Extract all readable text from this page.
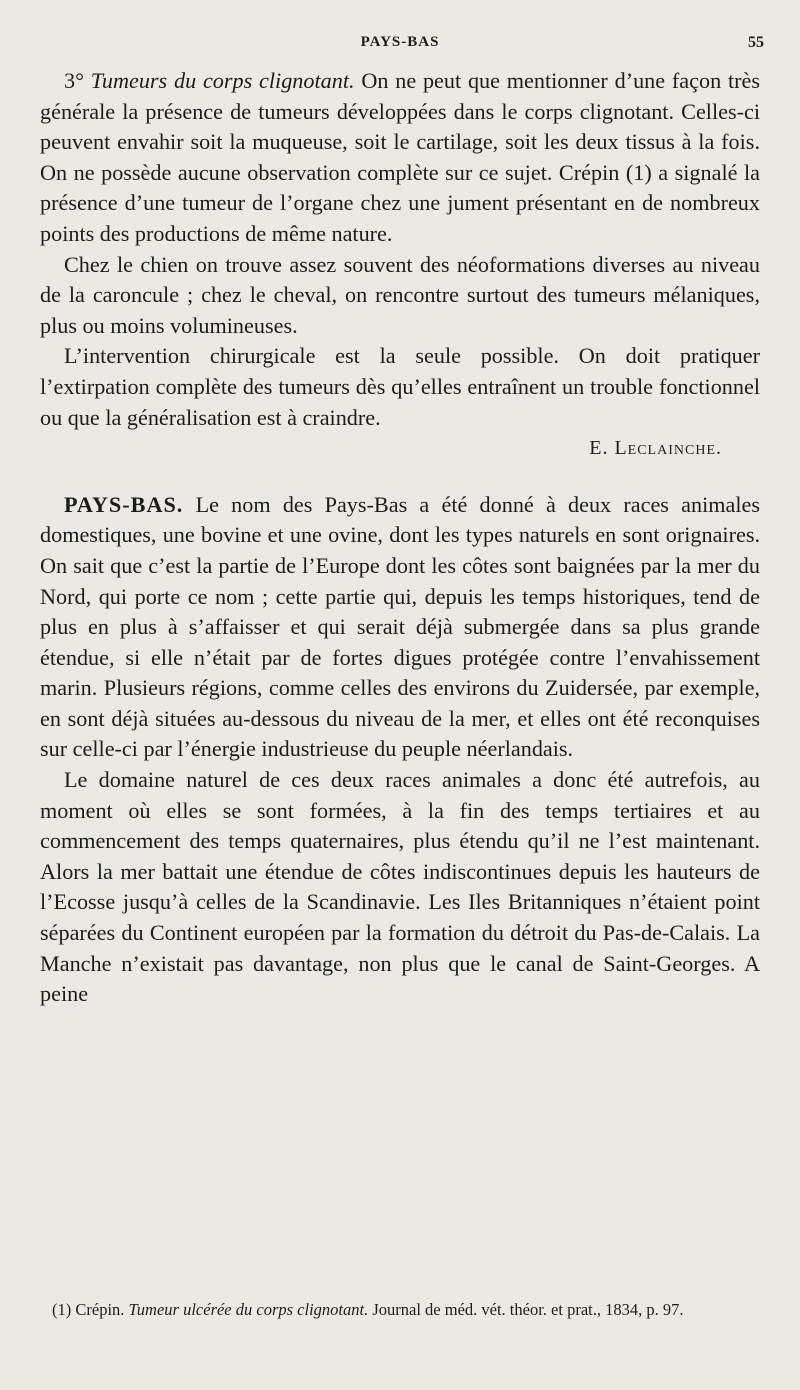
PAYS-BAS	55

3° Tumeurs du corps clignotant. On ne peut que mentionner d’une façon très générale la présence de tumeurs développées dans le corps clignotant. Celles-ci peuvent envahir soit la muqueuse, soit le cartilage, soit les deux tissus à la fois. On ne possède aucune observation complète sur ce sujet. Crépin (1) a signalé la présence d’une tumeur de l’organe chez une jument présentant en de nombreux points des productions de même nature.

Chez le chien on trouve assez souvent des néoformations diverses au niveau de la caroncule ; chez le cheval, on rencontre surtout des tumeurs mélaniques, plus ou moins volumineuses.

L’intervention chirurgicale est la seule possible. On doit pratiquer l’extirpation complète des tumeurs dès qu’elles entraînent un trouble fonctionnel ou que la généralisation est à craindre.

E. Leclainche.

PAYS-BAS. Le nom des Pays-Bas a été donné à deux races animales domestiques, une bovine et une ovine, dont les types naturels en sont orignaires. On sait que c’est la partie de l’Europe dont les côtes sont baignées par la mer du Nord, qui porte ce nom ; cette partie qui, depuis les temps historiques, tend de plus en plus à s’affaisser et qui serait déjà submergée dans sa plus grande étendue, si elle n’était par de fortes digues protégée contre l’envahissement marin. Plusieurs régions, comme celles des environs du Zuidersée, par exemple, en sont déjà situées au-dessous du niveau de la mer, et elles ont été reconquises sur celle-ci par l’énergie industrieuse du peuple néerlandais.

Le domaine naturel de ces deux races animales a donc été autrefois, au moment où elles se sont formées, à la fin des temps tertiaires et au commencement des temps quaternaires, plus étendu qu’il ne l’est maintenant. Alors la mer battait une étendue de côtes indiscontinues depuis les hauteurs de l’Ecosse jusqu’à celles de la Scandinavie. Les Iles Britanniques n’étaient point séparées du Continent européen par la formation du détroit du Pas-de-Calais. La Manche n’existait pas davantage, non plus que le canal de Saint-Georges. A peine

(1) Crépin. Tumeur ulcérée du corps clignotant. Journal de méd. vét. théor. et prat., 1834, p. 97.
